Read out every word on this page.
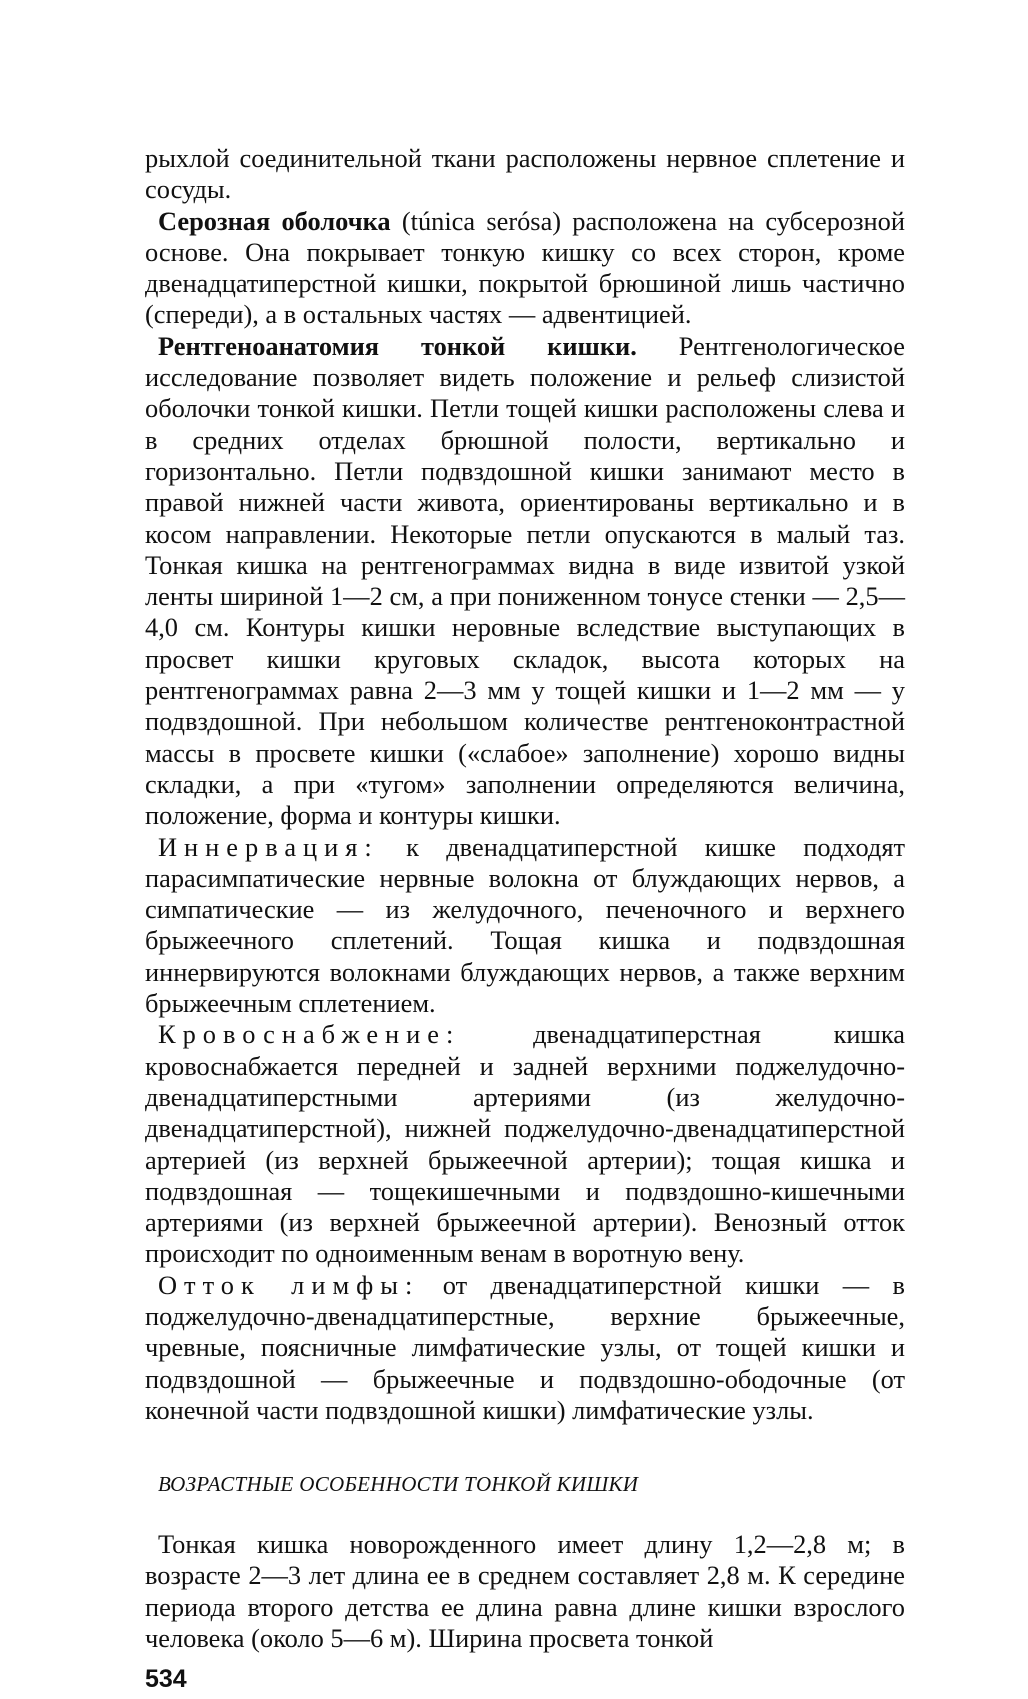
рыхлой соединительной ткани расположены нервное сплетение и сосуды.

Серозная оболочка (túnica serósa) расположена на субсерозной основе. Она покрывает тонкую кишку со всех сторон, кроме двенадцатиперстной кишки, покрытой брюшиной лишь частично (спереди), а в остальных частях — адвентицией.

Рентгеноанатомия тонкой кишки. Рентгенологическое исследование позволяет видеть положение и рельеф слизистой оболочки тонкой кишки. Петли тощей кишки расположены слева и в средних отделах брюшной полости, вертикально и горизонтально. Петли подвздошной кишки занимают место в правой нижней части живота, ориентированы вертикально и в косом направлении. Некоторые петли опускаются в малый таз. Тонкая кишка на рентгенограммах видна в виде извитой узкой ленты шириной 1—2 см, а при пониженном тонусе стенки — 2,5—4,0 см. Контуры кишки неровные вследствие выступающих в просвет кишки круговых складок, высота которых на рентгенограммах равна 2—3 мм у тощей кишки и 1—2 мм — у подвздошной. При небольшом количестве рентгеноконтрастной массы в просвете кишки («слабое» заполнение) хорошо видны складки, а при «тугом» заполнении определяются величина, положение, форма и контуры кишки.

Иннервация: к двенадцатиперстной кишке подходят парасимпатические нервные волокна от блуждающих нервов, а симпатические — из желудочного, печеночного и верхнего брыжеечного сплетений. Тощая кишка и подвздошная иннервируются волокнами блуждающих нервов, а также верхним брыжеечным сплетением.

Кровоснабжение: двенадцатиперстная кишка кровоснабжается передней и задней верхними поджелудочно-двенадцатиперстными артериями (из желудочно-двенадцатиперстной), нижней поджелудочно-двенадцатиперстной артерией (из верхней брыжеечной артерии); тощая кишка и подвздошная — тощекишечными и подвздошно-кишечными артериями (из верхней брыжеечной артерии). Венозный отток происходит по одноименным венам в воротную вену.

Отток лимфы: от двенадцатиперстной кишки — в поджелудочно-двенадцатиперстные, верхние брыжеечные, чревные, поясничные лимфатические узлы, от тощей кишки и подвздошной — брыжеечные и подвздошно-ободочные (от конечной части подвздошной кишки) лимфатические узлы.

ВОЗРАСТНЫЕ ОСОБЕННОСТИ ТОНКОЙ КИШКИ

Тонкая кишка новорожденного имеет длину 1,2—2,8 м; в возрасте 2—3 лет длина ее в среднем составляет 2,8 м. К середине периода второго детства ее длина равна длине кишки взрослого человека (около 5—6 м). Ширина просвета тонкой

534
